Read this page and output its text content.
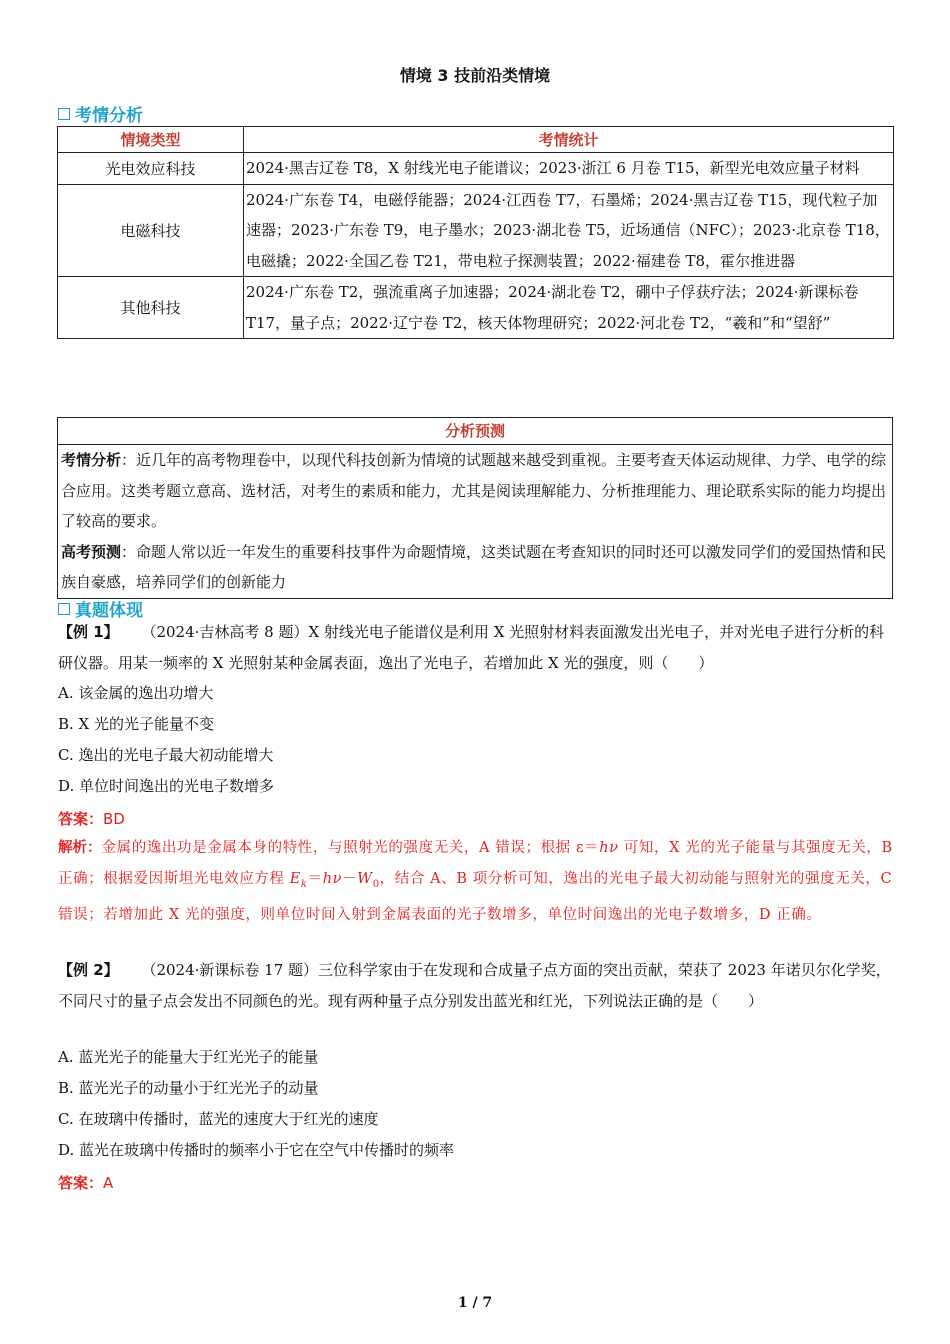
情境 3 技前沿类情境
考情分析
情境类型	考情统计
光电效应科技	2024·黑吉辽卷 T8，X 射线光电子能谱议；2023·浙江 6 月卷 T15，新型光电效应量子材料
电磁科技	2024·广东卷 T4，电磁俘能器；2024·江西卷 T7，石墨烯；2024·黑吉辽卷 T15，现代粒子加速器；2023·广东卷 T9，电子墨水；2023·湖北卷 T5，近场通信（NFC）；2023·北京卷 T18，电磁撬；2022·全国乙卷 T21，带电粒子探测装置；2022·福建卷 T8，霍尔推进器
其他科技	2024·广东卷 T2，强流重离子加速器；2024·湖北卷 T2，硼中子俘获疗法；2024·新课标卷 T17，量子点；2022·辽宁卷 T2，核天体物理研究；2022·河北卷 T2，“羲和”和“望舒”
分析预测
考情分析：近几年的高考物理卷中，以现代科技创新为情境的试题越来越受到重视。主要考查天体运动规律、力学、电学的综合应用。这类考题立意高、选材活，对考生的素质和能力，尤其是阅读理解能力、分析推理能力、理论联系实际的能力均提出了较高的要求。
高考预测：命题人常以近一年发生的重要科技事件为命题情境，这类试题在考查知识的同时还可以激发同学们的爱国热情和民族自豪感，培养同学们的创新能力
真题体现
【例 1】 （2024·吉林高考 8 题）X 射线光电子能谱仪是利用 X 光照射材料表面激发出光电子，并对光电子进行分析的科研仪器。用某一频率的 X 光照射某种金属表面，逸出了光电子，若增加此 X 光的强度，则（　　）
A. 该金属的逸出功增大
B. X 光的光子能量不变
C. 逸出的光电子最大初动能增大
D. 单位时间逸出的光电子数增多
答案：BD
解析：金属的逸出功是金属本身的特性，与照射光的强度无关，A 错误；根据 ε＝hν 可知，X 光的光子能量与其强度无关，B 正确；根据爱因斯坦光电效应方程 $E_k=h\nu-W_0$，结合 A、B 项分析可知，逸出的光电子最大初动能与照射光的强度无关，C 错误；若增加此 X 光的强度，则单位时间入射到金属表面的光子数增多，单位时间逸出的光电子数增多，D 正确。
【例 2】 （2024·新课标卷 17 题）三位科学家由于在发现和合成量子点方面的突出贡献，荣获了 2023 年诺贝尔化学奖，不同尺寸的量子点会发出不同颜色的光。现有两种量子点分别发出蓝光和红光，下列说法正确的是（　　）
A. 蓝光光子的能量大于红光光子的能量
B. 蓝光光子的动量小于红光光子的动量
C. 在玻璃中传播时，蓝光的速度大于红光的速度
D. 蓝光在玻璃中传播时的频率小于它在空气中传播时的频率
答案：A
1 / 7
